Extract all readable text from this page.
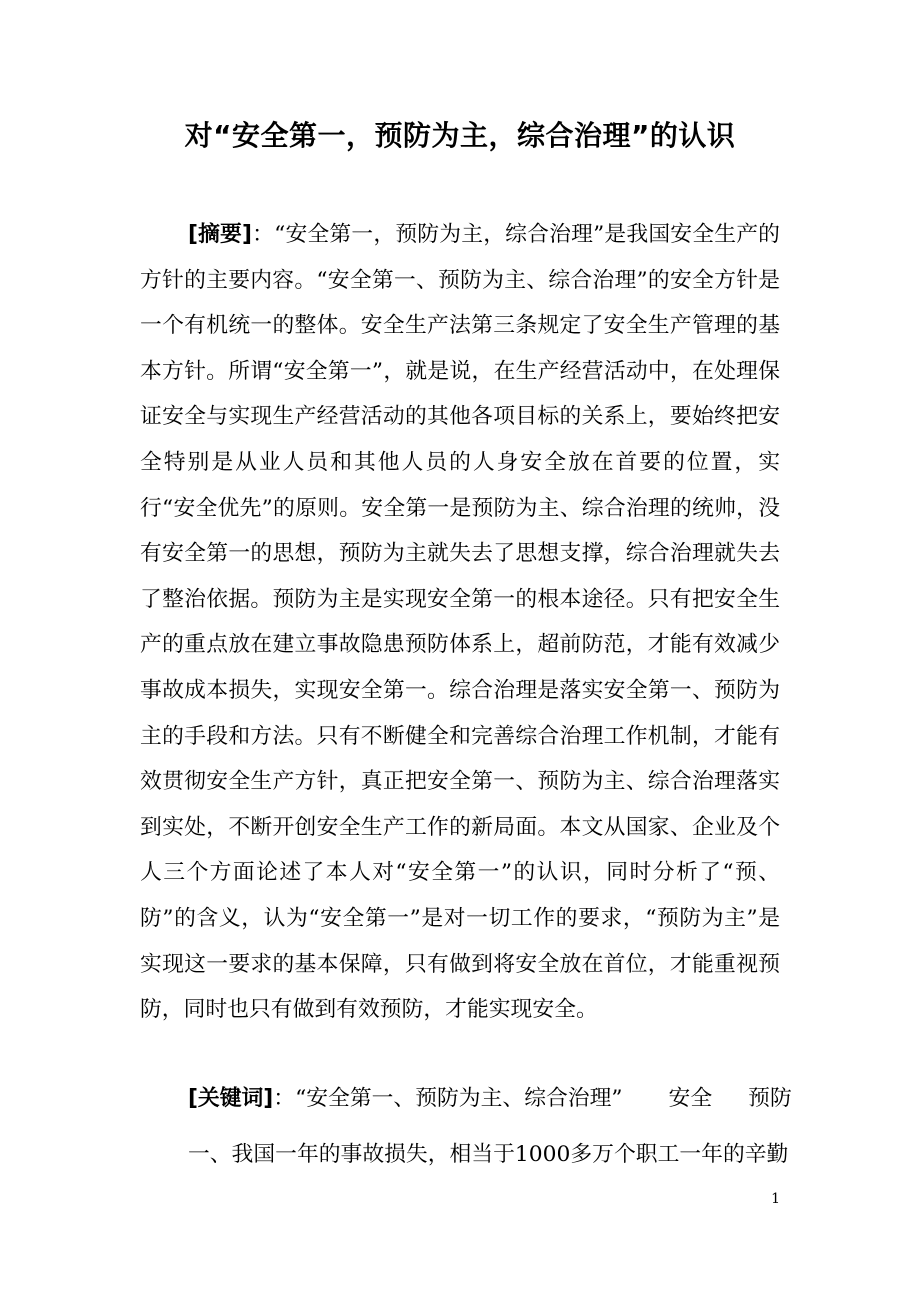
对“安全第一，预防为主，综合治理”的认识

[摘要]：“安全第一，预防为主，综合治理”是我国安全生产的方针的主要内容。“安全第一、预防为主、综合治理”的安全方针是一个有机统一的整体。安全生产法第三条规定了安全生产管理的基本方针。所谓“安全第一”，就是说，在生产经营活动中，在处理保证安全与实现生产经营活动的其他各项目标的关系上，要始终把安全特别是从业人员和其他人员的人身安全放在首要的位置，实行“安全优先”的原则。安全第一是预防为主、综合治理的统帅，没有安全第一的思想，预防为主就失去了思想支撑，综合治理就失去了整治依据。预防为主是实现安全第一的根本途径。只有把安全生产的重点放在建立事故隐患预防体系上，超前防范，才能有效减少事故成本损失，实现安全第一。综合治理是落实安全第一、预防为主的手段和方法。只有不断健全和完善综合治理工作机制，才能有效贯彻安全生产方针，真正把安全第一、预防为主、综合治理落实到实处，不断开创安全生产工作的新局面。本文从国家、企业及个人三个方面论述了本人对“安全第一”的认识，同时分析了“预、防”的含义，认为“安全第一”是对一切工作的要求，“预防为主”是实现这一要求的基本保障，只有做到将安全放在首位，才能重视预防，同时也只有做到有效预防，才能实现安全。

[关键词]：“安全第一、预防为主、综合治理” 安全 预防
一、我国一年的事故损失，相当于1000多万个职工一年的辛勤
1
